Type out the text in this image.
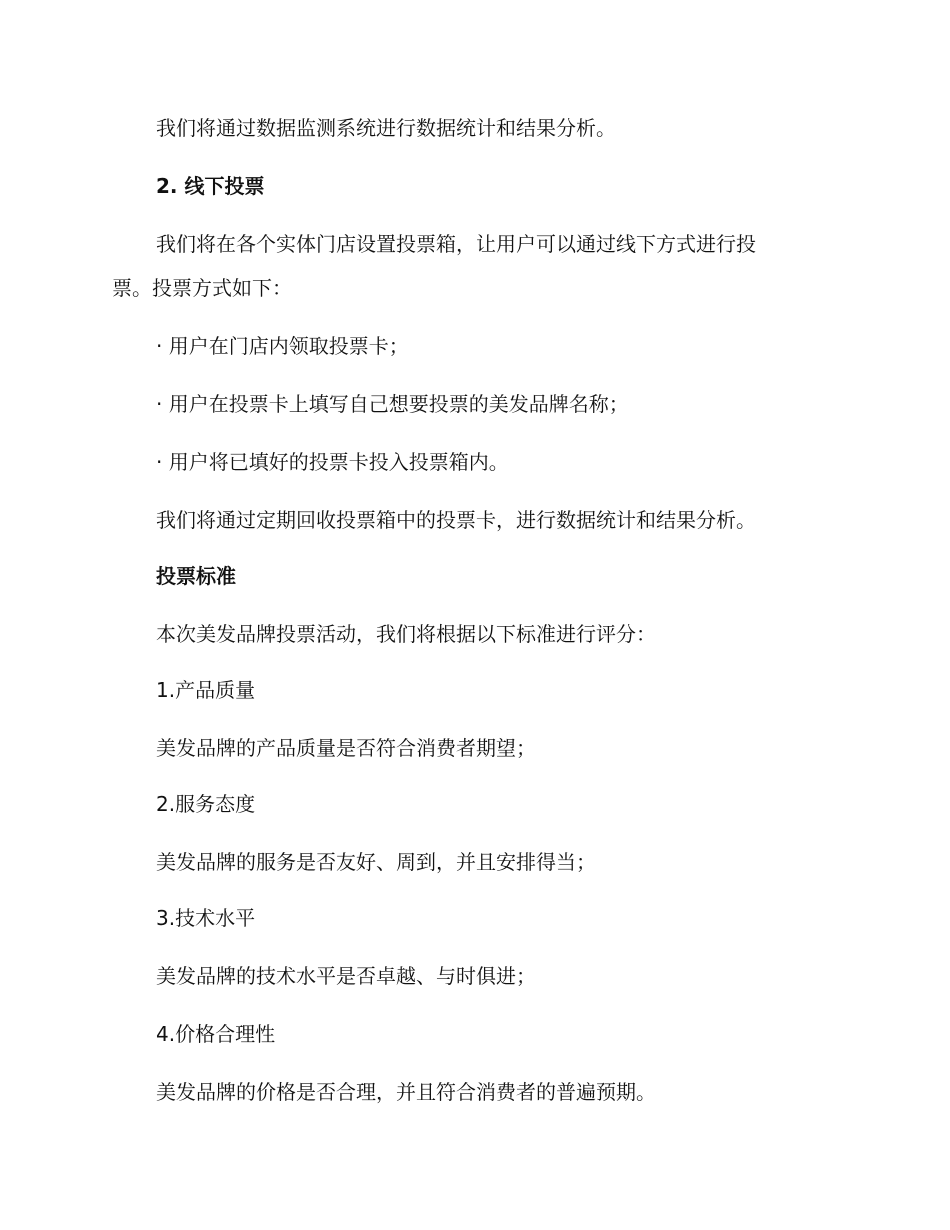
我们将通过数据监测系统进行数据统计和结果分析。
2. 线下投票
我们将在各个实体门店设置投票箱，让用户可以通过线下方式进行投
票。投票方式如下：
· 用户在门店内领取投票卡；
· 用户在投票卡上填写自己想要投票的美发品牌名称；
· 用户将已填好的投票卡投入投票箱内。
我们将通过定期回收投票箱中的投票卡，进行数据统计和结果分析。
投票标准
本次美发品牌投票活动，我们将根据以下标准进行评分：
1.产品质量
美发品牌的产品质量是否符合消费者期望；
2.服务态度
美发品牌的服务是否友好、周到，并且安排得当；
3.技术水平
美发品牌的技术水平是否卓越、与时俱进；
4.价格合理性
美发品牌的价格是否合理，并且符合消费者的普遍预期。
